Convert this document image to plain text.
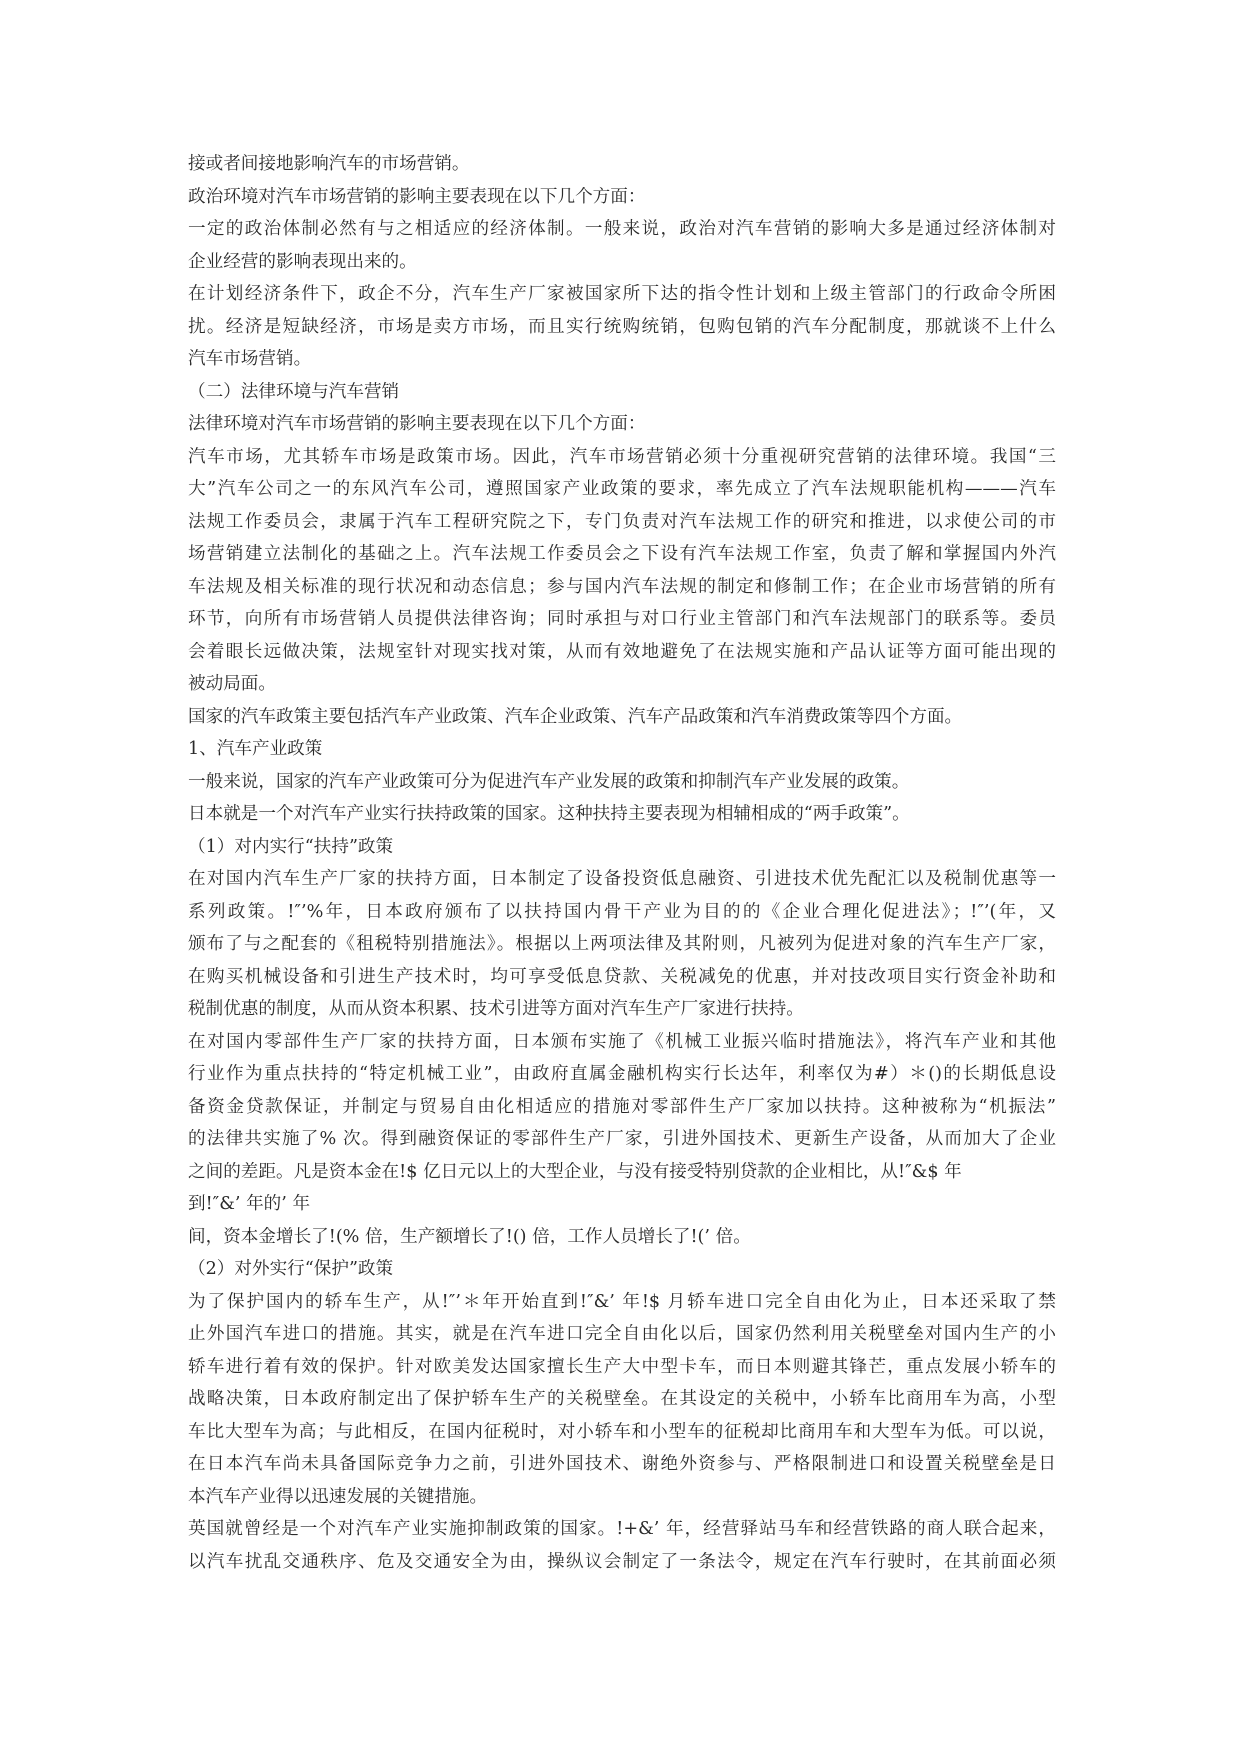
接或者间接地影响汽车的市场营销。
政治环境对汽车市场营销的影响主要表现在以下几个方面：
一定的政治体制必然有与之相适应的经济体制。一般来说，政治对汽车营销的影响大多是通过经济体制对
企业经营的影响表现出来的。
在计划经济条件下，政企不分，汽车生产厂家被国家所下达的指令性计划和上级主管部门的行政命令所困
扰。经济是短缺经济，市场是卖方市场，而且实行统购统销，包购包销的汽车分配制度，那就谈不上什么
汽车市场营销。
（二）法律环境与汽车营销
法律环境对汽车市场营销的影响主要表现在以下几个方面：
汽车市场，尤其轿车市场是政策市场。因此，汽车市场营销必须十分重视研究营销的法律环境。我国“三
大”汽车公司之一的东风汽车公司，遵照国家产业政策的要求，率先成立了汽车法规职能机构———汽车
法规工作委员会，隶属于汽车工程研究院之下，专门负责对汽车法规工作的研究和推进，以求使公司的市
场营销建立法制化的基础之上。汽车法规工作委员会之下设有汽车法规工作室，负责了解和掌握国内外汽
车法规及相关标准的现行状况和动态信息；参与国内汽车法规的制定和修制工作；在企业市场营销的所有
环节，向所有市场营销人员提供法律咨询；同时承担与对口行业主管部门和汽车法规部门的联系等。委员
会着眼长远做决策，法规室针对现实找对策，从而有效地避免了在法规实施和产品认证等方面可能出现的
被动局面。
国家的汽车政策主要包括汽车产业政策、汽车企业政策、汽车产品政策和汽车消费政策等四个方面。
1、汽车产业政策
一般来说，国家的汽车产业政策可分为促进汽车产业发展的政策和抑制汽车产业发展的政策。
日本就是一个对汽车产业实行扶持政策的国家。这种扶持主要表现为相辅相成的“两手政策”。
（1）对内实行“扶持”政策
在对国内汽车生产厂家的扶持方面，日本制定了设备投资低息融资、引进技术优先配汇以及税制优惠等一
系列政策。!″’%年，日本政府颁布了以扶持国内骨干产业为目的的《企业合理化促进法》；!″’(年，又
颁布了与之配套的《租税特别措施法》。根据以上两项法律及其附则，凡被列为促进对象的汽车生产厂家，
在购买机械设备和引进生产技术时，均可享受低息贷款、关税减免的优惠，并对技改项目实行资金补助和
税制优惠的制度，从而从资本积累、技术引进等方面对汽车生产厂家进行扶持。
在对国内零部件生产厂家的扶持方面，日本颁布实施了《机械工业振兴临时措施法》，将汽车产业和其他
行业作为重点扶持的“特定机械工业”，由政府直属金融机构实行长达年，利率仅为#）＊()的长期低息设
备资金贷款保证，并制定与贸易自由化相适应的措施对零部件生产厂家加以扶持。这种被称为“机振法”
的法律共实施了% 次。得到融资保证的零部件生产厂家，引进外国技术、更新生产设备，从而加大了企业
之间的差距。凡是资本金在!$ 亿日元以上的大型企业，与没有接受特别贷款的企业相比，从!″&$ 年
到!″&’ 年的’ 年
间，资本金增长了!(% 倍，生产额增长了!() 倍，工作人员增长了!(’ 倍。
（2）对外实行“保护”政策
为了保护国内的轿车生产，从!″’＊年开始直到!″&’ 年!$ 月轿车进口完全自由化为止，日本还采取了禁
止外国汽车进口的措施。其实，就是在汽车进口完全自由化以后，国家仍然利用关税壁垒对国内生产的小
轿车进行着有效的保护。针对欧美发达国家擅长生产大中型卡车，而日本则避其锋芒，重点发展小轿车的
战略决策，日本政府制定出了保护轿车生产的关税壁垒。在其设定的关税中，小轿车比商用车为高，小型
车比大型车为高；与此相反，在国内征税时，对小轿车和小型车的征税却比商用车和大型车为低。可以说，
在日本汽车尚未具备国际竞争力之前，引进外国技术、谢绝外资参与、严格限制进口和设置关税壁垒是日
本汽车产业得以迅速发展的关键措施。
英国就曾经是一个对汽车产业实施抑制政策的国家。!+&’ 年，经营驿站马车和经营铁路的商人联合起来，
以汽车扰乱交通秩序、危及交通安全为由，操纵议会制定了一条法令，规定在汽车行驶时，在其前面必须
